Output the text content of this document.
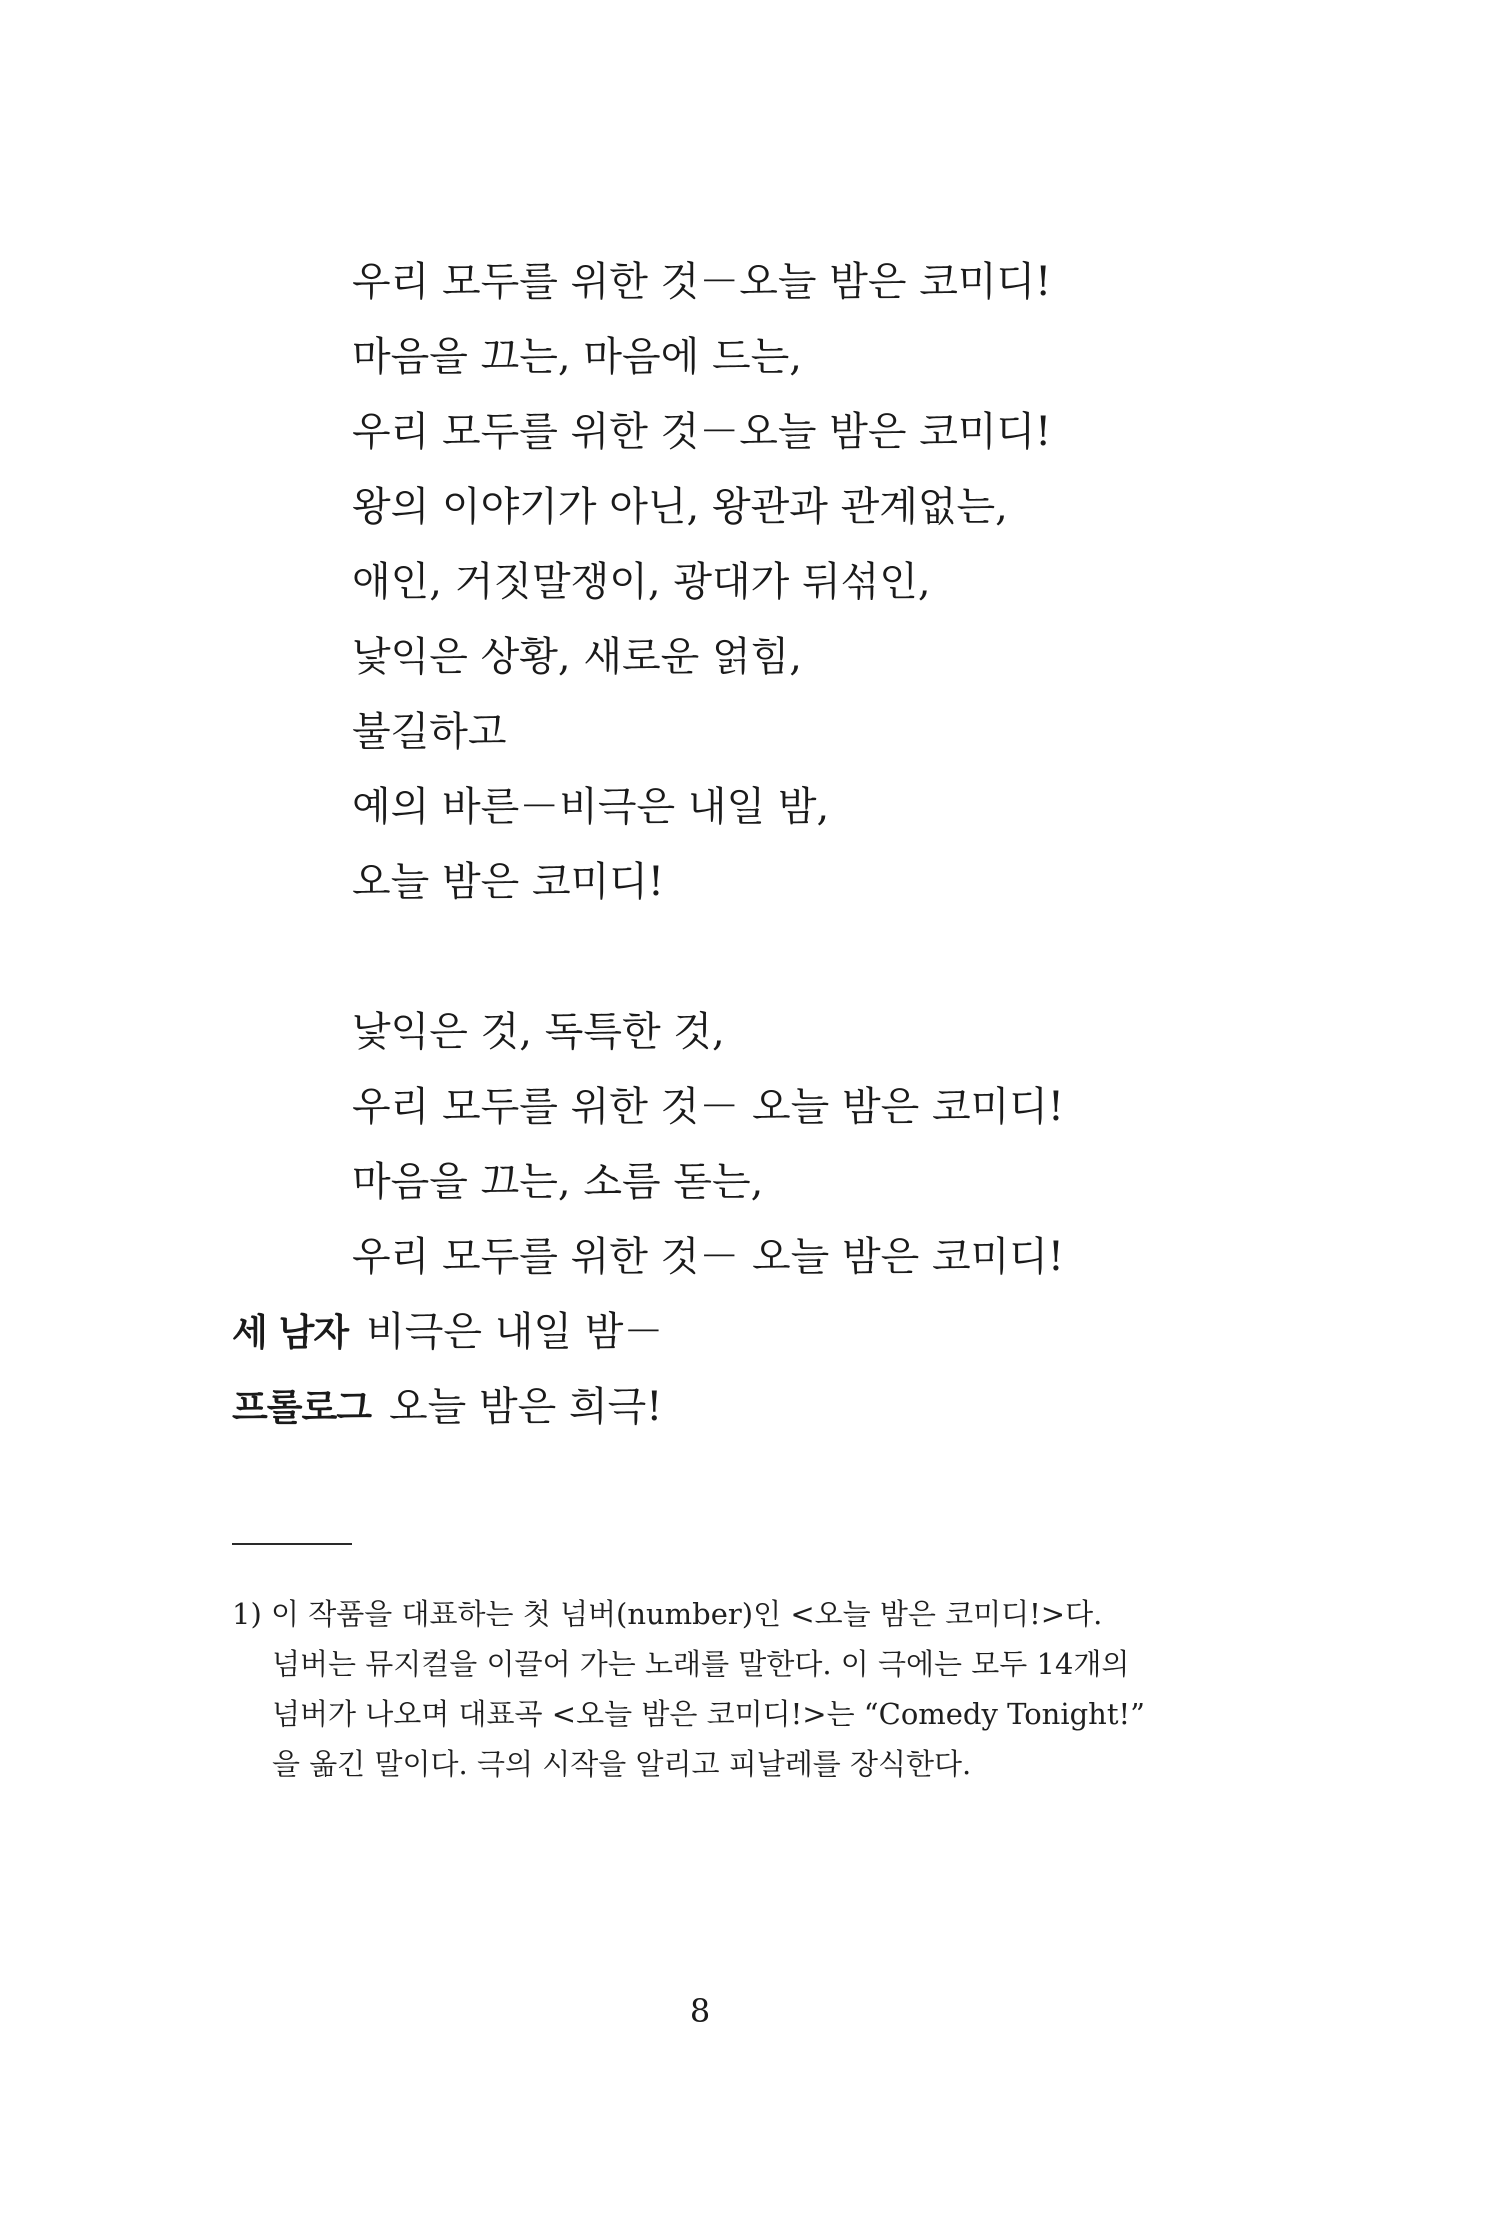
우리 모두를 위한 것－오늘 밤은 코미디!
마음을 끄는, 마음에 드는,
우리 모두를 위한 것－오늘 밤은 코미디!
왕의 이야기가 아닌, 왕관과 관계없는,
애인, 거짓말쟁이, 광대가 뒤섞인,
낯익은 상황, 새로운 얽힘,
불길하고
예의 바른－비극은 내일 밤,
오늘 밤은 코미디!
낯익은 것, 독특한 것,
우리 모두를 위한 것－ 오늘 밤은 코미디!
마음을 끄는, 소름 돋는,
우리 모두를 위한 것－ 오늘 밤은 코미디!
세 남자 비극은 내일 밤－
프롤로그 오늘 밤은 희극!
1) 이 작품을 대표하는 첫 넘버(number)인 <오늘 밤은 코미디!>다.
넘버는 뮤지컬을 이끌어 가는 노래를 말한다. 이 극에는 모두 14개의
넘버가 나오며 대표곡 <오늘 밤은 코미디!>는 “Comedy Tonight!”
을 옮긴 말이다. 극의 시작을 알리고 피날레를 장식한다.
8
